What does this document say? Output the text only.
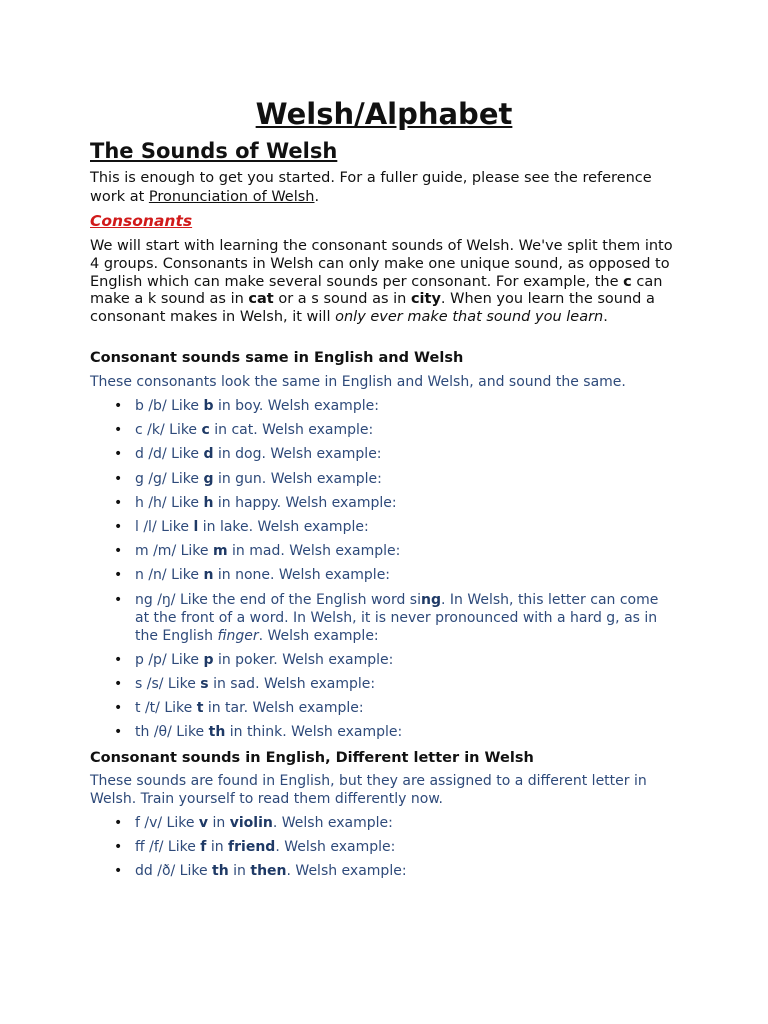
Welsh/Alphabet
The Sounds of Welsh

This is enough to get you started. For a fuller guide, please see the reference work at Pronunciation of Welsh.

Consonants

We will start with learning the consonant sounds of Welsh. We've split them into 4 groups. Consonants in Welsh can only make one unique sound, as opposed to English which can make several sounds per consonant. For example, the c can make a k sound as in cat or a s sound as in city. When you learn the sound a consonant makes in Welsh, it will only ever make that sound you learn.

Consonant sounds same in English and Welsh

These consonants look the same in English and Welsh, and sound the same.

• b /b/ Like b in boy. Welsh example:
• c /k/ Like c in cat. Welsh example:
• d /d/ Like d in dog. Welsh example:
• g /g/ Like g in gun. Welsh example:
• h /h/ Like h in happy. Welsh example:
• l /l/ Like l in lake. Welsh example:
• m /m/ Like m in mad. Welsh example:
• n /n/ Like n in none. Welsh example:
• ng /ŋ/ Like the end of the English word sing. In Welsh, this letter can come at the front of a word. In Welsh, it is never pronounced with a hard g, as in the English finger. Welsh example:
• p /p/ Like p in poker. Welsh example:
• s /s/ Like s in sad. Welsh example:
• t /t/ Like t in tar. Welsh example:
• th /θ/ Like th in think. Welsh example:
Consonant sounds in English, Different letter in Welsh

These sounds are found in English, but they are assigned to a different letter in Welsh. Train yourself to read them differently now.

• f /v/ Like v in violin. Welsh example:
• ff /f/ Like f in friend. Welsh example:
• dd /ð/ Like th in then. Welsh example:
